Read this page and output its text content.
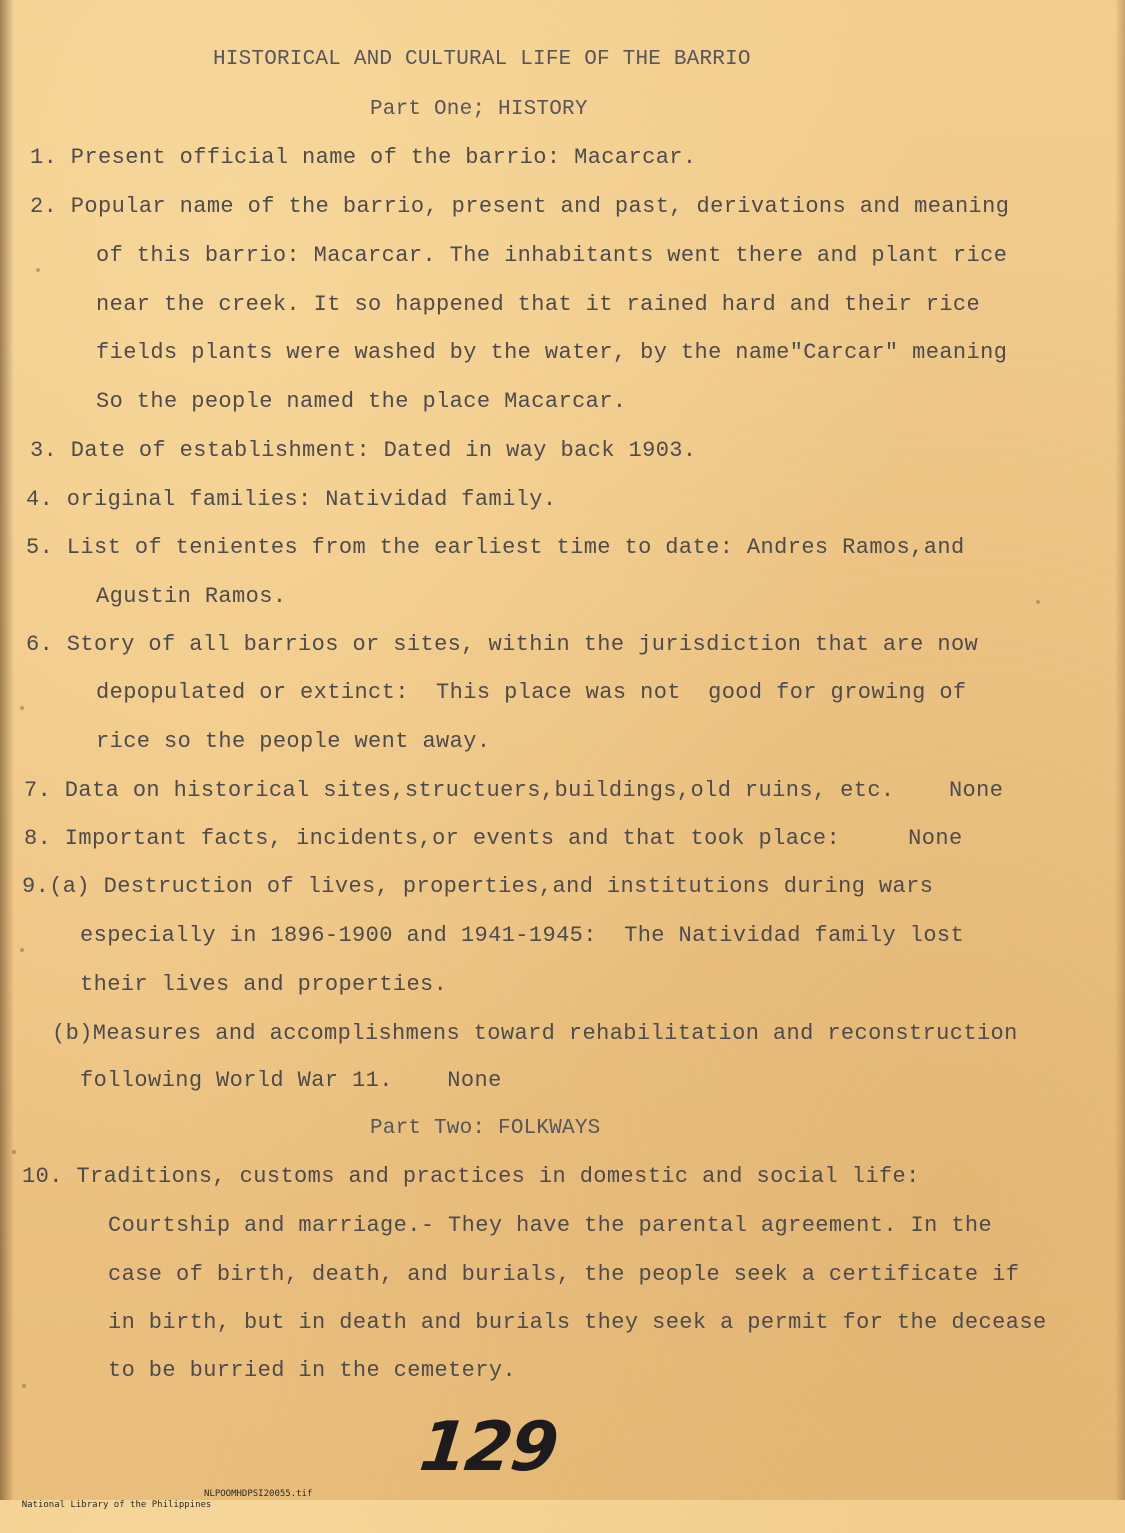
HISTORICAL AND CULTURAL LIFE OF THE BARRIO
Part One; HISTORY
1. Present official name of the barrio: Macarcar.
2. Popular name of the barrio, present and past, derivations and meaning
of this barrio: Macarcar. The inhabitants went there and plant rice
near the creek. It so happened that it rained hard and their rice
fields plants were washed by the water, by the name"Carcar" meaning
So the people named the place Macarcar.
3. Date of establishment: Dated in way back 1903.
4. original families: Natividad family.
5. List of tenientes from the earliest time to date: Andres Ramos,and
Agustin Ramos.
6. Story of all barrios or sites, within the jurisdiction that are now
depopulated or extinct:  This place was not  good for growing of
rice so the people went away.
7. Data on historical sites,structuers,buildings,old ruins, etc.    None
8. Important facts, incidents,or events and that took place:     None
9.(a) Destruction of lives, properties,and institutions during wars
especially in 1896-1900 and 1941-1945:  The Natividad family lost
their lives and properties.
(b)Measures and accomplishmens toward rehabilitation and reconstruction
following World War 11.    None
Part Two: FOLKWAYS
10. Traditions, customs and practices in domestic and social life:
Courtship and marriage.- They have the parental agreement. In the
case of birth, death, and burials, the people seek a certificate if
in birth, but in death and burials they seek a permit for the decease
to be burried in the cemetery.
129

National Library of the Philippines

NLPOOMHDPSI20055.tif
